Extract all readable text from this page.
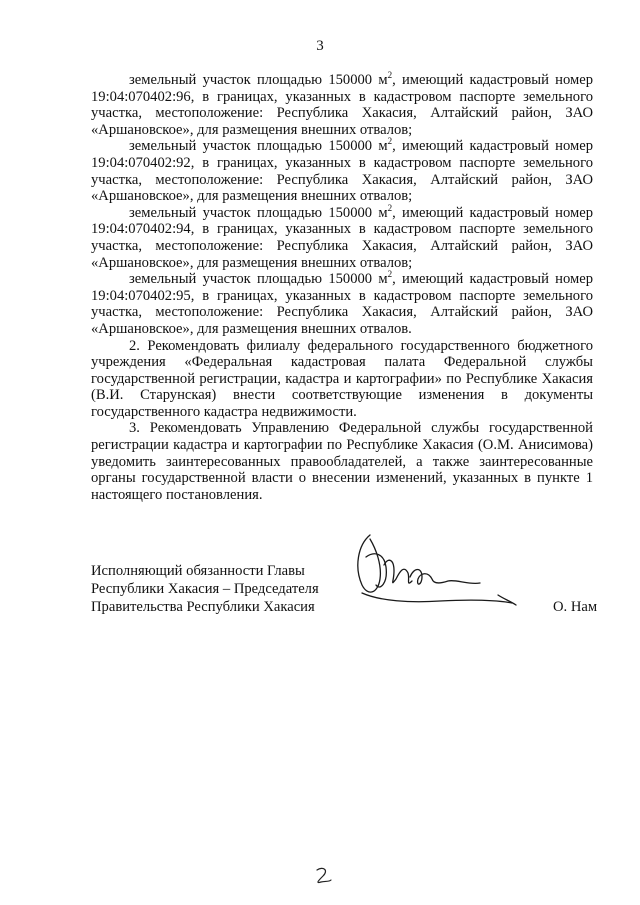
3

земельный участок площадью 150000 $м^2$, имеющий кадастровый номер 19:04:070402:96, в границах, указанных в кадастровом паспорте земельного участка, местоположение: Республика Хакасия, Алтайский район, ЗАО «Аршановское», для размещения внешних отвалов;

земельный участок площадью 150000 $м^2$, имеющий кадастровый номер 19:04:070402:92, в границах, указанных в кадастровом паспорте земельного участка, местоположение: Республика Хакасия, Алтайский район, ЗАО «Аршановское», для размещения внешних отвалов;

земельный участок площадью 150000 $м^2$, имеющий кадастровый номер 19:04:070402:94, в границах, указанных в кадастровом паспорте земельного участка, местоположение: Республика Хакасия, Алтайский район, ЗАО «Аршановское», для размещения внешних отвалов;

земельный участок площадью 150000 $м^2$, имеющий кадастровый номер 19:04:070402:95, в границах, указанных в кадастровом паспорте земельного участка, местоположение: Республика Хакасия, Алтайский район, ЗАО «Аршановское», для размещения внешних отвалов.

2. Рекомендовать филиалу федерального государственного бюджетного учреждения «Федеральная кадастровая палата Федеральной службы государственной регистрации, кадастра и картографии» по Республике Хакасия (В.И. Старунская) внести соответствующие изменения в документы государственного кадастра недвижимости.

3. Рекомендовать Управлению Федеральной службы государственной регистрации кадастра и картографии по Республике Хакасия (О.М. Анисимова) уведомить заинтересованных правообладателей, а также заинтересованные органы государственной власти о внесении изменений, указанных в пункте 1 настоящего постановления.

Исполняющий обязанности Главы
Республики Хакасия – Председателя
Правительства Республики Хакасия	О. Нам
